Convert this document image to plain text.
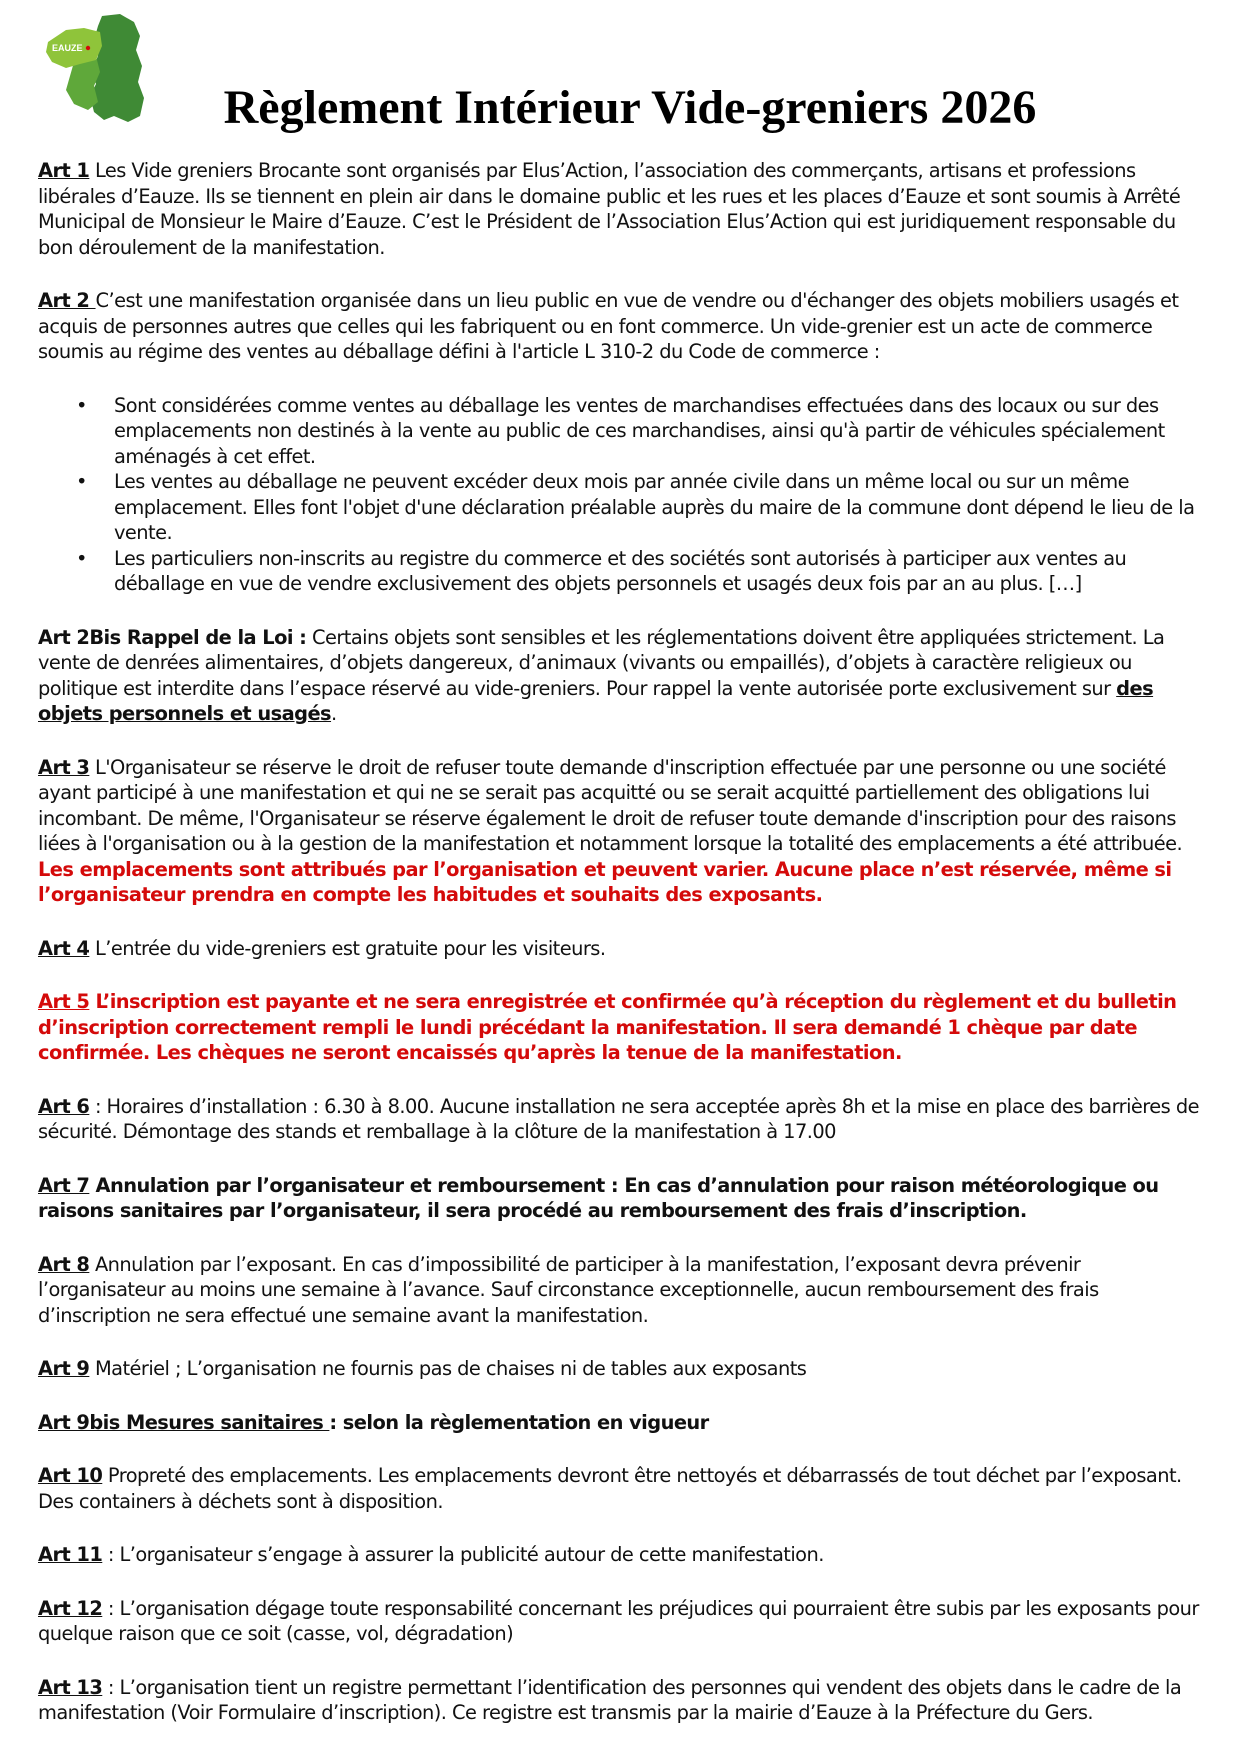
EAUZE
Règlement Intérieur Vide-greniers 2026

Art 1 Les Vide greniers Brocante sont organisés par Elus’Action, l’association des commerçants, artisans et professions libérales d’Eauze. Ils se tiennent en plein air dans le domaine public et les rues et les places d’Eauze et sont soumis à Arrêté Municipal de Monsieur le Maire d’Eauze. C’est le Président de l’Association Elus’Action qui est juridiquement responsable du bon déroulement de la manifestation.

Art 2 C’est une manifestation organisée dans un lieu public en vue de vendre ou d'échanger des objets mobiliers usagés et acquis de personnes autres que celles qui les fabriquent ou en font commerce. Un vide-grenier est un acte de commerce soumis au régime des ventes au déballage défini à l'article L 310-2 du Code de commerce :

• Sont considérées comme ventes au déballage les ventes de marchandises effectuées dans des locaux ou sur des emplacements non destinés à la vente au public de ces marchandises, ainsi qu'à partir de véhicules spécialement aménagés à cet effet.
• Les ventes au déballage ne peuvent excéder deux mois par année civile dans un même local ou sur un même emplacement. Elles font l'objet d'une déclaration préalable auprès du maire de la commune dont dépend le lieu de la vente.
• Les particuliers non-inscrits au registre du commerce et des sociétés sont autorisés à participer aux ventes au déballage en vue de vendre exclusivement des objets personnels et usagés deux fois par an au plus. […]

Art 2Bis Rappel de la Loi : Certains objets sont sensibles et les réglementations doivent être appliquées strictement. La vente de denrées alimentaires, d’objets dangereux, d’animaux (vivants ou empaillés), d’objets à caractère religieux ou politique est interdite dans l’espace réservé au vide-greniers. Pour rappel la vente autorisée porte exclusivement sur des objets personnels et usagés.

Art 3 L'Organisateur se réserve le droit de refuser toute demande d'inscription effectuée par une personne ou une société ayant participé à une manifestation et qui ne se serait pas acquitté ou se serait acquitté partiellement des obligations lui incombant. De même, l'Organisateur se réserve également le droit de refuser toute demande d'inscription pour des raisons liées à l'organisation ou à la gestion de la manifestation et notamment lorsque la totalité des emplacements a été attribuée. Les emplacements sont attribués par l’organisation et peuvent varier. Aucune place n’est réservée, même si l’organisateur prendra en compte les habitudes et souhaits des exposants.

Art 4 L’entrée du vide-greniers est gratuite pour les visiteurs.

Art 5 L’inscription est payante et ne sera enregistrée et confirmée qu’à réception du règlement et du bulletin d’inscription correctement rempli le lundi précédant la manifestation. Il sera demandé 1 chèque par date confirmée. Les chèques ne seront encaissés qu’après la tenue de la manifestation.

Art 6 : Horaires d’installation : 6.30 à 8.00. Aucune installation ne sera acceptée après 8h et la mise en place des barrières de sécurité. Démontage des stands et remballage à la clôture de la manifestation à 17.00

Art 7 Annulation par l’organisateur et remboursement : En cas d’annulation pour raison météorologique ou raisons sanitaires par l’organisateur, il sera procédé au remboursement des frais d’inscription.

Art 8 Annulation par l’exposant. En cas d’impossibilité de participer à la manifestation, l’exposant devra prévenir l’organisateur au moins une semaine à l’avance. Sauf circonstance exceptionnelle, aucun remboursement des frais d’inscription ne sera effectué une semaine avant la manifestation.

Art 9 Matériel ; L’organisation ne fournis pas de chaises ni de tables aux exposants

Art 9bis Mesures sanitaires : selon la règlementation en vigueur

Art 10 Propreté des emplacements. Les emplacements devront être nettoyés et débarrassés de tout déchet par l’exposant. Des containers à déchets sont à disposition.

Art 11 : L’organisateur s’engage à assurer la publicité autour de cette manifestation.

Art 12 : L’organisation dégage toute responsabilité concernant les préjudices qui pourraient être subis par les exposants pour quelque raison que ce soit (casse, vol, dégradation)

Art 13 : L’organisation tient un registre permettant l’identification des personnes qui vendent des objets dans le cadre de la manifestation (Voir Formulaire d’inscription). Ce registre est transmis par la mairie d’Eauze à la Préfecture du Gers.
